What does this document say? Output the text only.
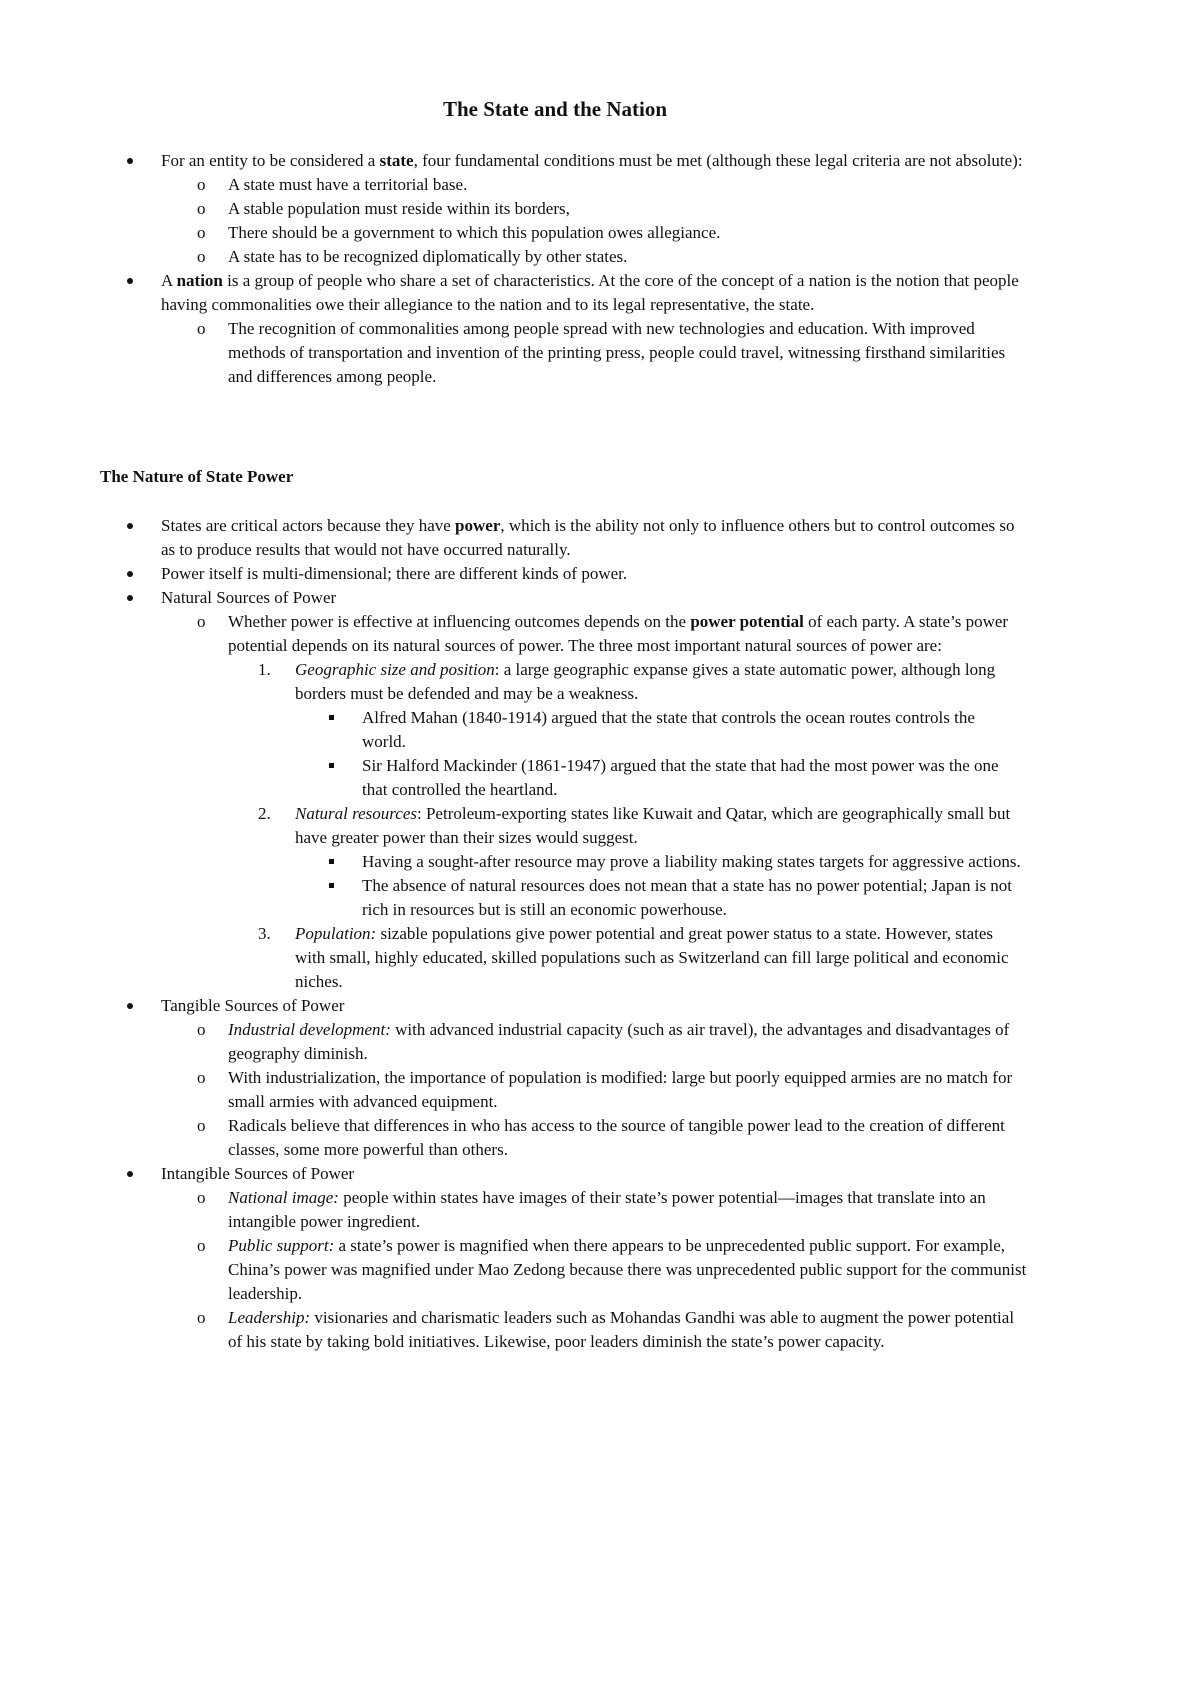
The State and the Nation
For an entity to be considered a state, four fundamental conditions must be met (although these legal criteria are not absolute):
o A state must have a territorial base.
o A stable population must reside within its borders,
o There should be a government to which this population owes allegiance.
o A state has to be recognized diplomatically by other states.
A nation is a group of people who share a set of characteristics. At the core of the concept of a nation is the notion that people having commonalities owe their allegiance to the nation and to its legal representative, the state.
o The recognition of commonalities among people spread with new technologies and education. With improved methods of transportation and invention of the printing press, people could travel, witnessing firsthand similarities and differences among people.
The Nature of State Power
States are critical actors because they have power, which is the ability not only to influence others but to control outcomes so as to produce results that would not have occurred naturally.
Power itself is multi-dimensional; there are different kinds of power.
Natural Sources of Power
o Whether power is effective at influencing outcomes depends on the power potential of each party. A state’s power potential depends on its natural sources of power. The three most important natural sources of power are:
1. Geographic size and position: a large geographic expanse gives a state automatic power, although long borders must be defended and may be a weakness.
Alfred Mahan (1840-1914) argued that the state that controls the ocean routes controls the world.
Sir Halford Mackinder (1861-1947) argued that the state that had the most power was the one that controlled the heartland.
2. Natural resources: Petroleum-exporting states like Kuwait and Qatar, which are geographically small but have greater power than their sizes would suggest.
Having a sought-after resource may prove a liability making states targets for aggressive actions.
The absence of natural resources does not mean that a state has no power potential; Japan is not rich in resources but is still an economic powerhouse.
3. Population: sizable populations give power potential and great power status to a state. However, states with small, highly educated, skilled populations such as Switzerland can fill large political and economic niches.
Tangible Sources of Power
o Industrial development: with advanced industrial capacity (such as air travel), the advantages and disadvantages of geography diminish.
o With industrialization, the importance of population is modified: large but poorly equipped armies are no match for small armies with advanced equipment.
o Radicals believe that differences in who has access to the source of tangible power lead to the creation of different classes, some more powerful than others.
Intangible Sources of Power
o National image: people within states have images of their state’s power potential—images that translate into an intangible power ingredient.
o Public support: a state’s power is magnified when there appears to be unprecedented public support. For example, China’s power was magnified under Mao Zedong because there was unprecedented public support for the communist leadership.
o Leadership: visionaries and charismatic leaders such as Mohandas Gandhi was able to augment the power potential of his state by taking bold initiatives. Likewise, poor leaders diminish the state’s power capacity.
